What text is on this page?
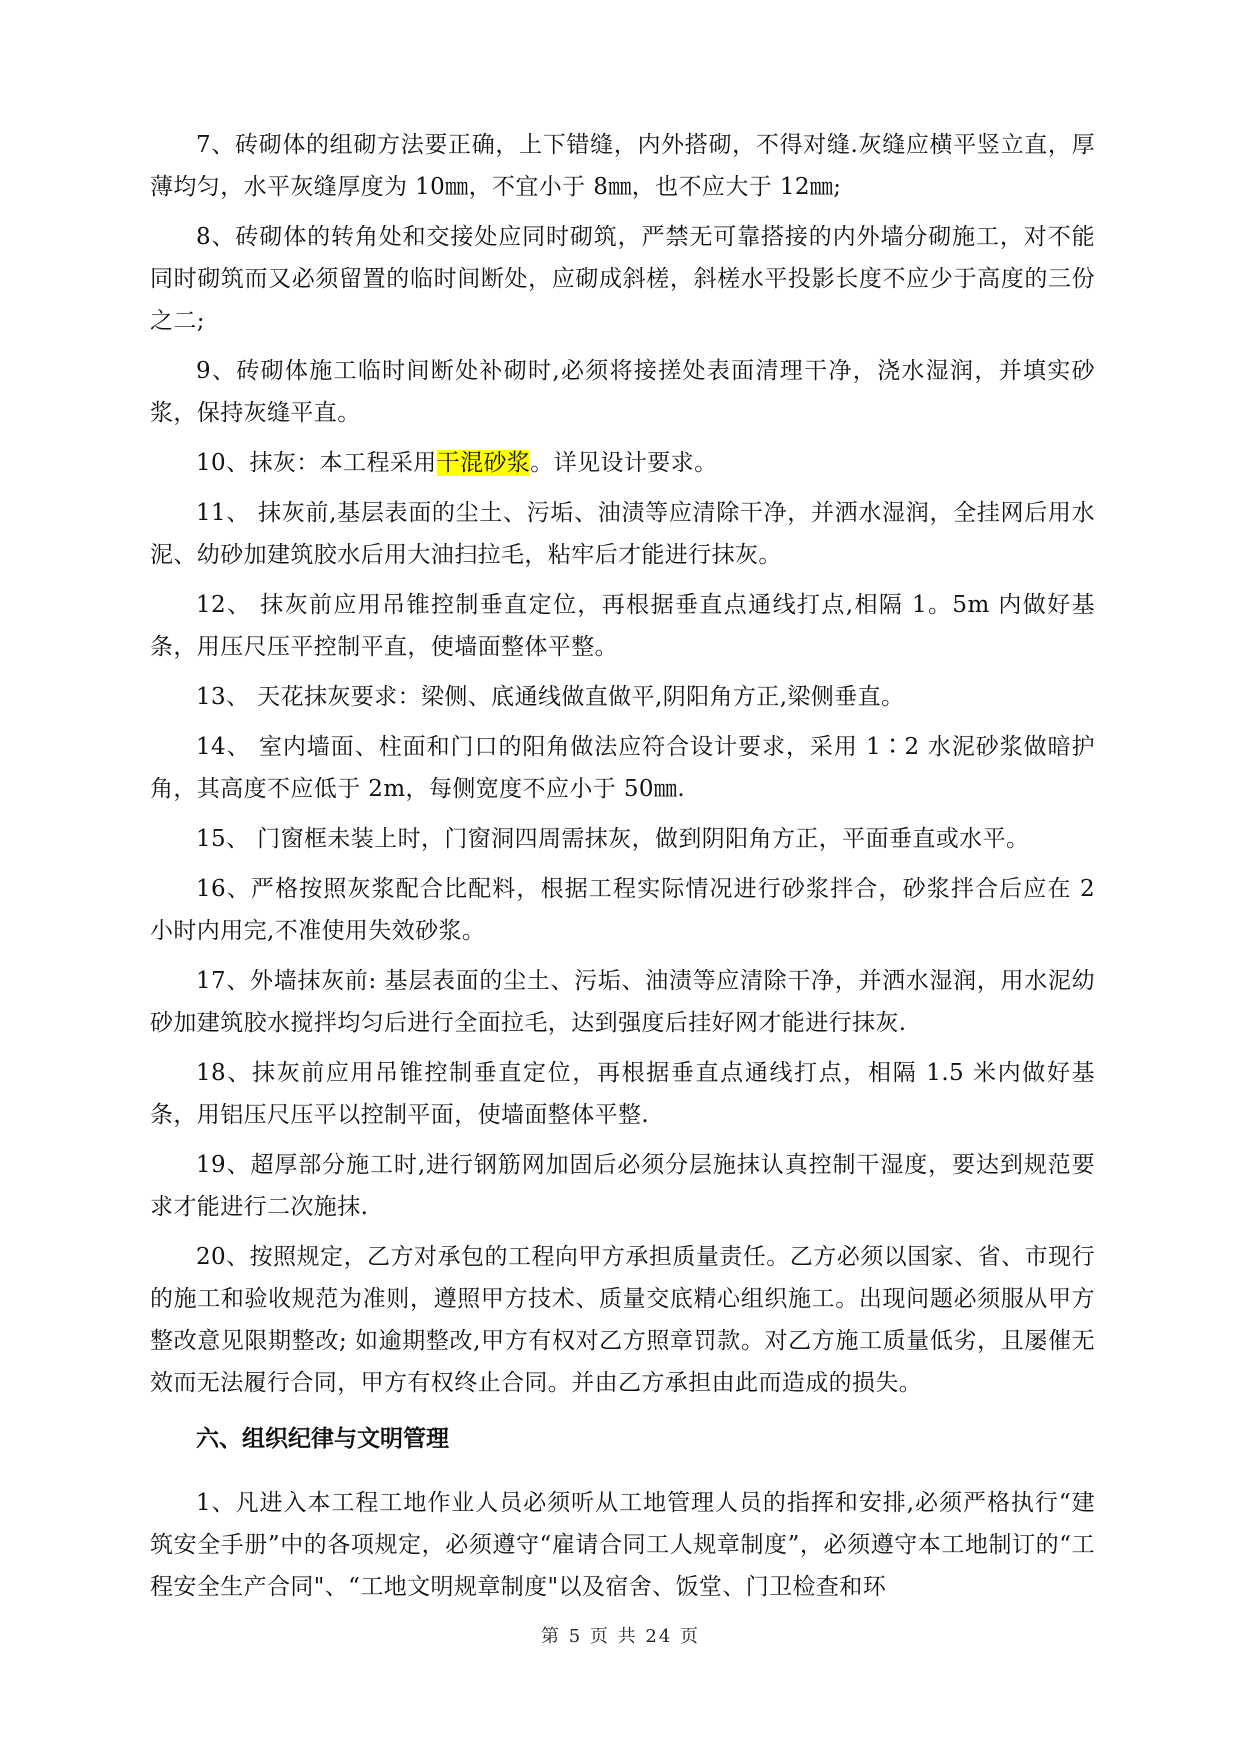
7、砖砌体的组砌方法要正确，上下错缝，内外搭砌，不得对缝.灰缝应横平竖立直，厚薄均匀，水平灰缝厚度为 10㎜，不宜小于 8㎜，也不应大于 12㎜;

8、砖砌体的转角处和交接处应同时砌筑，严禁无可靠搭接的内外墙分砌施工，对不能同时砌筑而又必须留置的临时间断处，应砌成斜槎，斜槎水平投影长度不应少于高度的三份之二;

9、砖砌体施工临时间断处补砌时,必须将接搓处表面清理干净，浇水湿润，并填实砂浆，保持灰缝平直。

10、抹灰：本工程采用干混砂浆。详见设计要求。

11、 抹灰前,基层表面的尘土、污垢、油渍等应清除干净，并洒水湿润，全挂网后用水泥、幼砂加建筑胶水后用大油扫拉毛，粘牢后才能进行抹灰。

12、 抹灰前应用吊锥控制垂直定位，再根据垂直点通线打点,相隔 1。5m 内做好基条，用压尺压平控制平直，使墙面整体平整。

13、 天花抹灰要求：梁侧、底通线做直做平,阴阳角方正,梁侧垂直。

14、 室内墙面、柱面和门口的阳角做法应符合设计要求，采用 1∶2 水泥砂浆做暗护角，其高度不应低于 2m，每侧宽度不应小于 50㎜.

15、 门窗框未装上时，门窗洞四周需抹灰，做到阴阳角方正，平面垂直或水平。

16、严格按照灰浆配合比配料，根据工程实际情况进行砂浆拌合，砂浆拌合后应在 2 小时内用完,不准使用失效砂浆。

17、外墙抹灰前: 基层表面的尘土、污垢、油渍等应清除干净，并洒水湿润，用水泥幼砂加建筑胶水搅拌均匀后进行全面拉毛，达到强度后挂好网才能进行抹灰.

18、抹灰前应用吊锥控制垂直定位，再根据垂直点通线打点，相隔 1.5 米内做好基条，用铝压尺压平以控制平面，使墙面整体平整.

19、超厚部分施工时,进行钢筋网加固后必须分层施抹认真控制干湿度，要达到规范要求才能进行二次施抹.

20、按照规定，乙方对承包的工程向甲方承担质量责任。乙方必须以国家、省、市现行的施工和验收规范为准则，遵照甲方技术、质量交底精心组织施工。出现问题必须服从甲方整改意见限期整改; 如逾期整改,甲方有权对乙方照章罚款。对乙方施工质量低劣，且屡催无效而无法履行合同，甲方有权终止合同。并由乙方承担由此而造成的损失。

六、组织纪律与文明管理

1、凡进入本工程工地作业人员必须听从工地管理人员的指挥和安排,必须严格执行“建筑安全手册”中的各项规定，必须遵守“雇请合同工人规章制度”，必须遵守本工地制订的“工程安全生产合同"、“工地文明规章制度"以及宿舍、饭堂、门卫检查和环

第 5 页 共 24 页
